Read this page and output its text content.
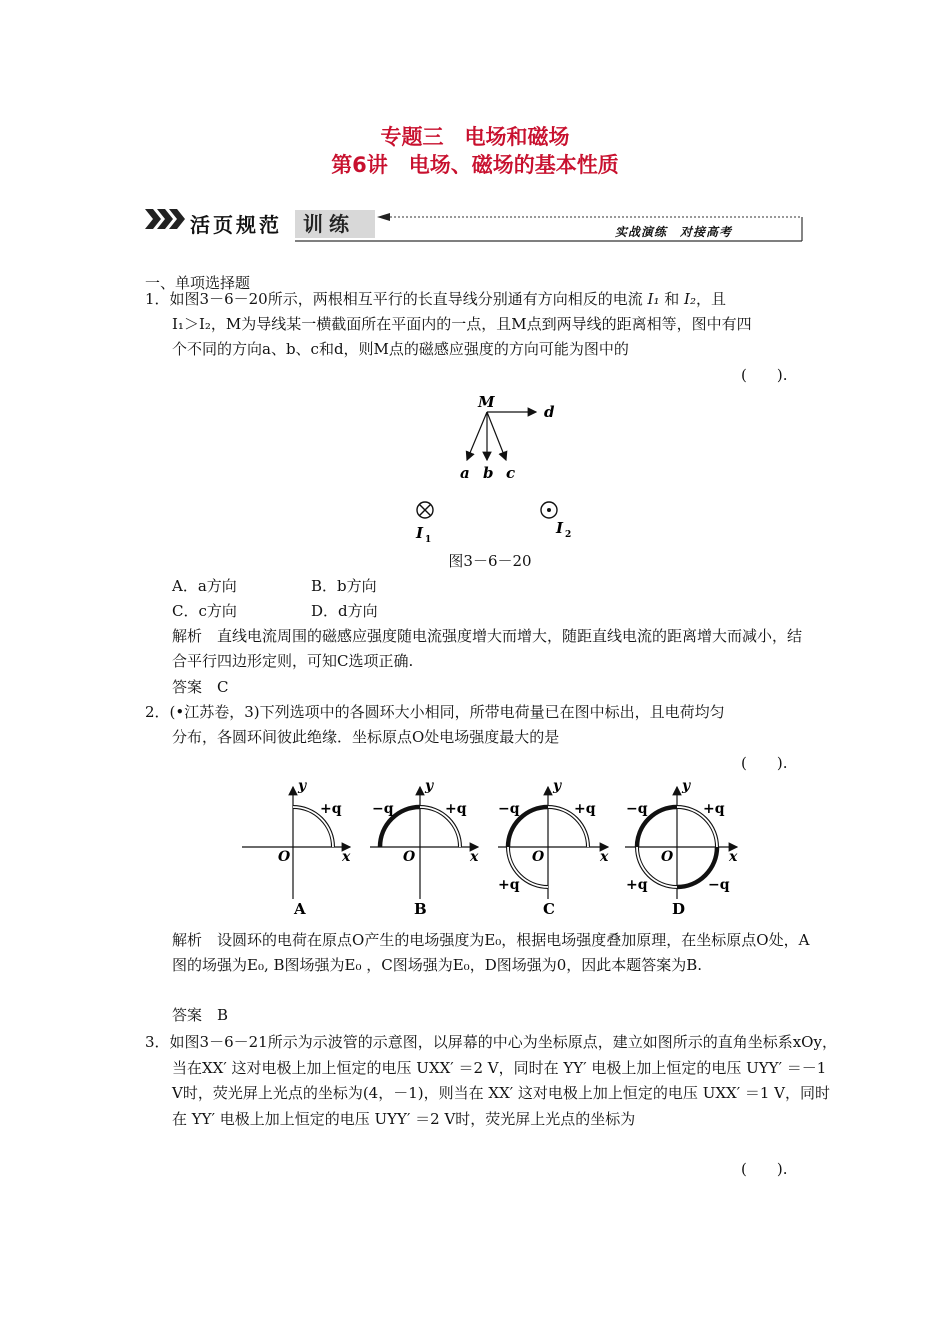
专题三　电场和磁场
第6讲　电场、磁场的基本性质
活页规范 训练	实战演练　对接高考
一、单项选择题
1．如图3－6－20所示，两根相互平行的长直导线分别通有方向相反的电流 I₁ 和 I₂，且
I₁＞I₂，M为导线某一横截面所在平面内的一点，且M点到两导线的距离相等，图中有四
个不同的方向a、b、c和d，则M点的磁感应强度的方向可能为图中的
(　　).
M
d
a b c
I 1
I 2
图3－6－20
A．a方向	B．b方向
C．c方向	D．d方向
解析　 直线电流周围的磁感应强度随电流强度增大而增大，随距直线电流的距离增大而减小，结合平行四边形定则，可知C选项正确.
答案　 C
2．(•江苏卷，3)下列选项中的各圆环大小相同，所带电荷量已在图中标出，且电荷均匀
分布，各圆环间彼此绝缘．坐标原点O处电场强度最大的是
(　　).
y
x
O
+q
A
y
x
O
−q	+q
B
y
x
O
−q	+q
+q
C
y
x
O
−q	+q
+q	−q
D
解析　 设圆环的电荷在原点O产生的电场强度为E₀，根据电场强度叠加原理，在坐标原点O处，A图的场强为E₀, B图场强为E₀ ，C图场强为E₀，D图场强为0，因此本题答案为B.
答案　 B
3．如图3－6－21所示为示波管的示意图，以屏幕的中心为坐标原点，建立如图所示的直角坐标系xOy，当在XX′ 这对电极上加上恒定的电压 UXX′ ＝2 V，同时在 YY′ 电极上加上恒定的电压 UYY′ ＝－1 V时，荧光屏上光点的坐标为(4，－1)，则当在 XX′ 这对电极上加上恒定的电压 UXX′ ＝1 V，同时在 YY′ 电极上加上恒定的电压 UYY′ ＝2 V时，荧光屏上光点的坐标为
(　　).
